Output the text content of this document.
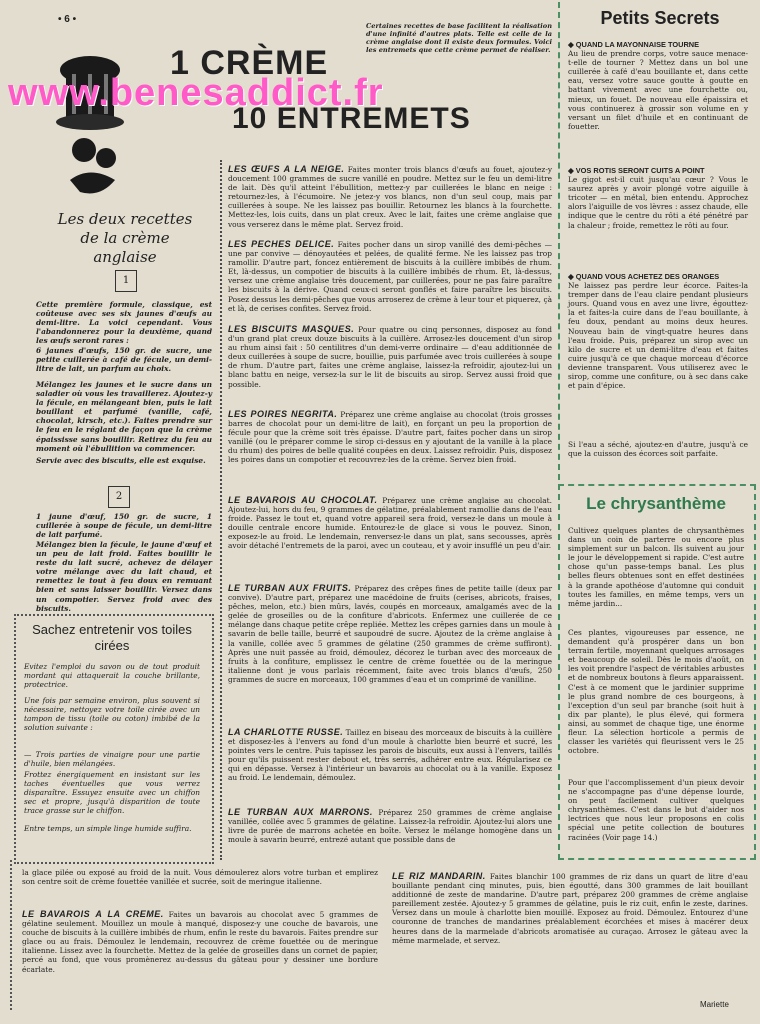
• 6 •
1 CRÈME
10 ENTREMETS
www.benesaddict.fr
Certaines recettes de base facilitent la réalisation d'une infinité d'autres plats. Telle est celle de la crème anglaise dont il existe deux formules. Voici les entremets que cette crème permet de réaliser.
Les deux recettes de la crème anglaise
1
Cette première formule, classique, est coûteuse avec ses six jaunes d'œufs au demi-litre. La voici cependant. Vous l'abandonnerez pour la deuxième, quand les œufs seront rares :
6 jaunes d'œufs, 150 gr. de sucre, une petite cuillerée à café de fécule, un demi-litre de lait, un parfum au choix.
Mélangez les jaunes et le sucre dans un saladier où vous les travaillerez. Ajoutez-y la fécule, en mélangeant bien, puis le lait bouillant et parfumé (vanille, café, chocolat, kirsch, etc.). Faites prendre sur le feu en le réglant de façon que la crème épaississe sans bouillir. Retirez du feu au moment où l'ébullition va commencer.
Servie avec des biscuits, elle est exquise.
2
1 jaune d'œuf, 150 gr. de sucre, 1 cuillerée à soupe de fécule, un demi-litre de lait parfumé.
Mélangez bien la fécule, le jaune d'œuf et un peu de lait froid. Faites bouillir le reste du lait sucré, achevez de délayer votre mélange avec du lait chaud, et remettez le tout à feu doux en remuant bien et sans laisser bouillir. Versez dans un compotier. Servez froid avec des biscuits.
Sachez entretenir vos toiles cirées
Evitez l'emploi du savon ou de tout produit mordant qui attaquerait la couche brillante, protectrice.
Une fois par semaine environ, plus souvent si nécessaire, nettoyez votre toile cirée avec un tampon de tissu (toile ou coton) imbibé de la solution suivante :
— Trois parties de vinaigre pour une partie d'huile, bien mélangées.
Frottez énergiquement en insistant sur les taches éventuelles que vous verrez disparaître. Essuyez ensuite avec un chiffon sec et propre, jusqu'à disparition de toute trace grasse sur le chiffon.
Entre temps, un simple linge humide suffira.
LES ŒUFS A LA NEIGE. Faites monter trois blancs d'œufs au fouet, ajoutez-y doucement 100 grammes de sucre vanillé en poudre. Mettez sur le feu un demi-litre de lait. Dès qu'il atteint l'ébullition, mettez-y par cuillerées le blanc en neige : retournez-les, à l'écumoire. Ne jetez-y vos blancs, non d'un seul coup, mais par cuillerées à soupe. Ne les laissez pas bouillir. Retournez les blancs à la fourchette. Mettez-les, lois cuits, dans un plat creux. Avec le lait, faites une crème anglaise que vous verserez dans le même plat. Servez froid.
LES PECHES DELICE. Faites pocher dans un sirop vanillé des demi-pêches — une par convive — dénoyautées et pelées, de qualité ferme. Ne les laissez pas trop ramollir. D'autre part, foncez entièrement de biscuits à la cuillère imbibés de rhum. Et, là-dessus, un compotier de biscuits à la cuillère imbibés de rhum. Et, là-dessus, versez une crème anglaise très doucement, par cuillerées, pour ne pas faire paraître les biscuits à la dérive. Quand ceux-ci seront gonflés et faire paraître les biscuits. Posez dessus les demi-pêches que vous arroserez de crème à leur tour et piquerez, çà et là, de cerises confites. Servez froid.
LES BISCUITS MASQUES. Pour quatre ou cinq personnes, disposez au fond d'un grand plat creux douze biscuits à la cuillère. Arrosez-les doucement d'un sirop au rhum ainsi fait : 50 centilitres d'un demi-verre ordinaire — d'eau additionnée de deux cuillerées à soupe de sucre, bouillie, puis parfumée avec trois cuillerées à soupe de rhum. D'autre part, faites une crème anglaise, laissez-la refroidir, ajoutez-lui un blanc battu en neige, versez-la sur le lit de biscuits au sirop. Servez aussi froid que possible.
LES POIRES NEGRITA. Préparez une crème anglaise au chocolat (trois grosses barres de chocolat pour un demi-litre de lait), en forçant un peu la proportion de fécule pour que la crème soit très épaisse. D'autre part, faites pocher dans un sirop vanillé (ou le préparer comme le sirop ci-dessus en y ajoutant de la vanille à la place du rhum) des poires de belle qualité coupées en deux. Laissez refroidir. Puis, disposez les poires dans un compotier et recouvrez-les de la crème. Servez bien froid.
LE BAVAROIS AU CHOCOLAT. Préparez une crème anglaise au chocolat. Ajoutez-lui, hors du feu, 9 grammes de gélatine, préalablement ramollie dans de l'eau froide. Passez le tout et, quand votre appareil sera froid, versez-le dans un moule à douille centrale encore humide. Entourez-le de glace si vous le pouvez. Sinon, exposez-le au froid. Le lendemain, renversez-le dans un plat, sans secousses, après avoir détaché l'entremets de la paroi, avec un couteau, et y avoir insufflé un peu d'air.
LE TURBAN AUX FRUITS. Préparez des crêpes fines de petite taille (deux par convive). D'autre part, préparez une macédoine de fruits (cerises, abricots, fraises, pêches, melon, etc.) bien mûrs, lavés, coupés en morceaux, amalgamés avec de la gelée de groseilles ou de la confiture d'abricots. Enfermez une cuillerée de ce mélange dans chaque petite crêpe repliée. Mettez les crêpes garnies dans un moule à savarin de belle taille, beurré et saupoudré de sucre. Ajoutez de la crème anglaise à la vanille, collée avec 5 grammes de gélatine (250 grammes de crème suffiront). Après une nuit passée au froid, démoulez, décorez le turban avec des morceaux de fruits à la confiture, emplissez le centre de crème fouettée ou de la meringue italienne dont je vous parlais récemment, faite avec trois blancs d'œufs, 250 grammes de sucre en morceaux, 100 grammes d'eau et un comprimé de vanilline.
LA CHARLOTTE RUSSE. Taillez en biseau des morceaux de biscuits à la cuillère et disposez-les à l'envers au fond d'un moule à charlotte bien beurré et sucré, les pointes vers le centre. Puis tapissez les parois de biscuits, eux aussi à l'envers, taillés pour qu'ils puissent rester debout et, très serrés, adhérer entre eux. Régularisez ce qui en dépasse. Versez à l'intérieur un bavarois au chocolat ou à la vanille. Exposez au froid. Le lendemain, démoulez.
LE TURBAN AUX MARRONS. Préparez 250 grammes de crème anglaise vanillée, collée avec 5 grammes de gélatine. Laissez-la refroidir. Ajoutez-lui alors une livre de purée de marrons achetée en boîte. Versez le mélange homogène dans un moule à savarin beurré, entrezé autant que possible dans de
la glace pilée ou exposé au froid de la nuit. Vous démoulerez alors votre turban et emplirez son centre soit de crème fouettée vanillée et sucrée, soit de meringue italienne.
LE BAVAROIS A LA CREME. Faites un bavarois au chocolat avec 5 grammes de gélatine seulement. Mouillez un moule à manqué, disposez-y une couche de bavarois, une couche de biscuits à la cuillère imbibés de rhum, enfin le reste du bavarois. Faites prendre sur glace ou au frais. Démoulez le lendemain, recouvrez de crème fouettée ou de meringue italienne. Lissez avec la fourchette. Mettez de la gelée de groseilles dans un cornet de papier, percé au fond, que vous promènerez au-dessus du gâteau pour y dessiner une bordure écarlate.
LE RIZ MANDARIN. Faites blanchir 100 grammes de riz dans un quart de litre d'eau bouillante pendant cinq minutes, puis, bien égoutté, dans 300 grammes de lait bouillant additionné de zeste de mandarine. D'autre part, préparez 200 grammes de crème anglaise pareillement zestée. Ajoutez-y 5 grammes de gélatine, puis le riz cuit, enfin le zeste, darines. Versez dans un moule à charlotte bien mouillé. Exposez au froid. Démoulez. Entourez d'une couronne de tranches de mandarines préalablement écorchées et mises à macérer deux heures dans de la marmelade d'abricots aromatisée au curaçao. Arrosez le gâteau avec la même marmelade, et servez.
Mariette
Petits Secrets
◆ QUAND LA MAYONNAISE TOURNE
Au lieu de prendre corps, votre sauce menace-t-elle de tourner ? Mettez dans un bol une cuillerée à café d'eau bouillante et, dans cette eau, versez votre sauce goutte à goutte en battant vivement avec une fourchette ou, mieux, un fouet. De nouveau elle épaissira et vous continuerez à grossir son volume en y versant un filet d'huile et en continuant de fouetter.
◆ VOS ROTIS SERONT CUITS A POINT
Le gigot est-il cuit jusqu'au cœur ? Vous le saurez après y avoir plongé votre aiguille à tricoter — en métal, bien entendu. Approchez alors l'aiguille de vos lèvres : assez chaude, elle indique que le centre du rôti a été pénétré par la chaleur ; froide, remettez le rôti au four.
◆ QUAND VOUS ACHETEZ DES ORANGES
Ne laissez pas perdre leur écorce. Faites-la tremper dans de l'eau claire pendant plusieurs jours. Quand vous en avez une livre, égouttez-la et faites-la cuire dans de l'eau bouillante, à feu doux, pendant au moins deux heures. Nouveau bain de vingt-quatre heures dans l'eau froide. Puis, préparez un sirop avec un kilo de sucre et un demi-litre d'eau et faites cuire jusqu'à ce que chaque morceau d'écorce devienne transparent. Vous utiliserez avec le sirop, comme une confiture, ou à sec dans cake et pain d'épice.
Si l'eau a séché, ajoutez-en d'autre, jusqu'à ce que la cuisson des écorces soit parfaite.
Le chrysanthème
Cultivez quelques plantes de chrysanthèmes dans un coin de parterre ou encore plus simplement sur un balcon. Ils suivent au jour le jour le développement si rapide. C'est autre chose qu'un passe-temps banal. Les plus belles fleurs obtenues sont en effet destinées à la grande apothéose d'automne qui conduit toutes les familles, en même temps, vers un même jardin...
Ces plantes, vigoureuses par essence, ne demandent qu'à prospérer dans un bon terrain fertile, moyennant quelques arrosages et beaucoup de soleil. Dès le mois d'août, on les voit prendre l'aspect de véritables arbustes et de nombreux boutons à fleurs apparaissent. C'est à ce moment que le jardinier supprime le plus grand nombre de ces bourgeons, à l'exception d'un seul par branche (soit huit à dix par plante), le plus élevé, qui formera ainsi, au sommet de chaque tige, une énorme fleur. La sélection horticole a permis de classer les variétés qui fleurissent vers le 25 octobre.
Pour que l'accomplissement d'un pieux devoir ne s'accompagne pas d'une dépense lourde, on peut facilement cultiver quelques chrysanthèmes. C'est dans le but d'aider nos lectrices que nous leur proposons en colis spécial une petite collection de boutures racinées (Voir page 14.)
